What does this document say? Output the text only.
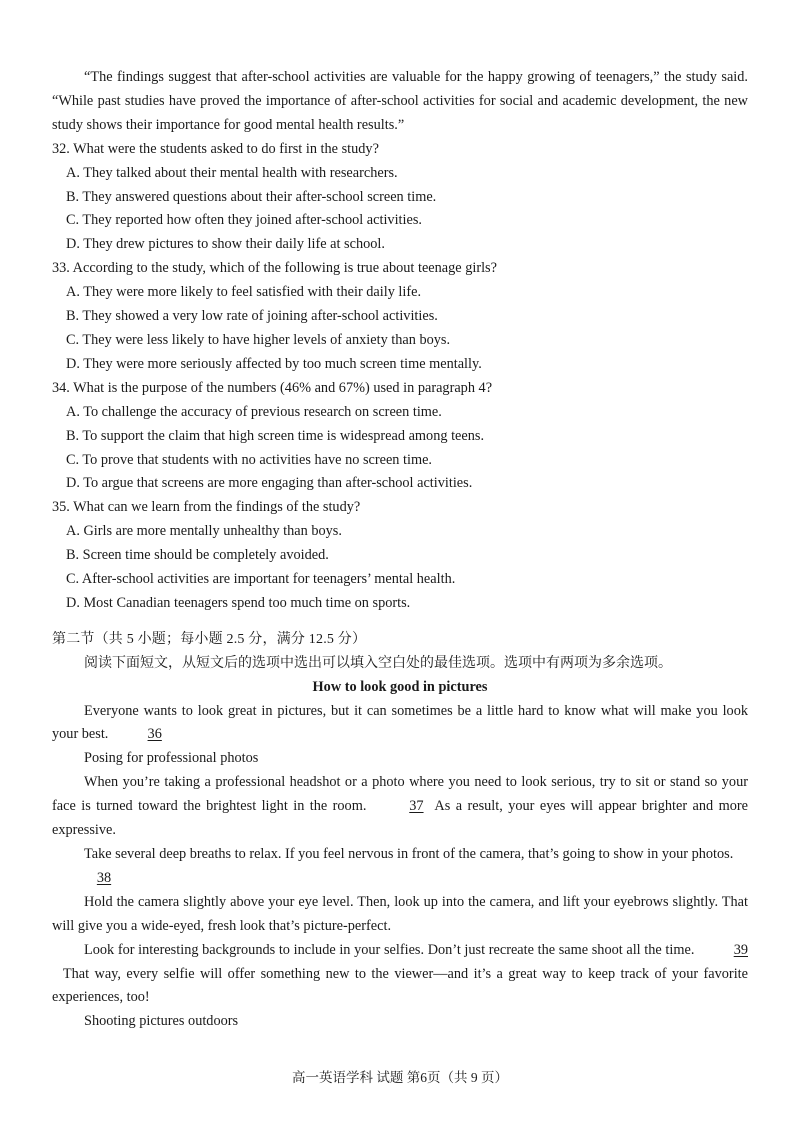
“The findings suggest that after-school activities are valuable for the happy growing of teenagers,” the study said. “While past studies have proved the importance of after-school activities for social and academic development, the new study shows their importance for good mental health results.”

32. What were the students asked to do first in the study?

A. They talked about their mental health with researchers.

B. They answered questions about their after-school screen time.

C. They reported how often they joined after-school activities.

D. They drew pictures to show their daily life at school.

33. According to the study, which of the following is true about teenage girls?

A. They were more likely to feel satisfied with their daily life.

B. They showed a very low rate of joining after-school activities.

C. They were less likely to have higher levels of anxiety than boys.

D. They were more seriously affected by too much screen time mentally.

34. What is the purpose of the numbers (46% and 67%) used in paragraph 4?

A. To challenge the accuracy of previous research on screen time.

B. To support the claim that high screen time is widespread among teens.

C. To prove that students with no activities have no screen time.

D. To argue that screens are more engaging than after-school activities.

35. What can we learn from the findings of the study?

A. Girls are more mentally unhealthy than boys.

B. Screen time should be completely avoided.

C. After-school activities are important for teenagers’ mental health.

D. Most Canadian teenagers spend too much time on sports.

第二节（共 5 小题；每小题 2.5 分，满分 12.5 分）

阅读下面短文，从短文后的选项中选出可以填入空白处的最佳选项。选项中有两项为多余选项。

How to look good in pictures

Everyone wants to look great in pictures, but it can sometimes be a little hard to know what will make you look your best.	36

Posing for professional photos

When you’re taking a professional headshot or a photo where you need to look serious, try to sit or stand so your face is turned toward the brightest light in the room.	37 As a result, your eyes will appear brighter and more expressive.

Take several deep breaths to relax. If you feel nervous in front of the camera, that’s going to show in your photos.

38

Hold the camera slightly above your eye level. Then, look up into the camera, and lift your eyebrows slightly. That will give you a wide-eyed, fresh look that’s picture-perfect.

Look for interesting backgrounds to include in your selfies. Don’t just recreate the same shoot all the time.	39  That way, every selfie will offer something new to the viewer—and it’s a great way to keep track of your favorite experiences, too!

Shooting pictures outdoors

高一英语学科 试题 第6页（共 9 页）
